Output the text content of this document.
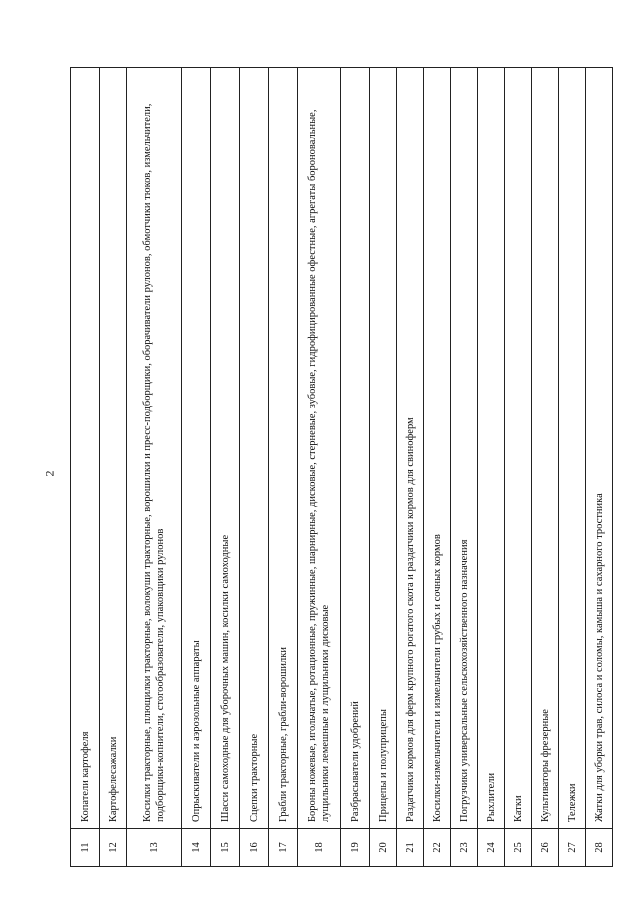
2
11	Копатели картофеля
12	Картофелесажалки
13	Косилки тракторные, плющилки тракторные, волокуши тракторные, ворошилки и пресс-подборщики, оборачиватели рулонов, обмотчики тюков, измельчители, подборщики-копнители, стогообразователи, упаковщики рулонов
14	Опрыскиватели и аэрозольные аппараты
15	Шасси самоходные для уборочных машин, косилки самоходные
16	Сцепки тракторные
17	Грабли тракторные, грабли-ворошилки
18	Бороны ножевые, игольчатые, ротационные, пружинные, шарнирные, дисковые, стерневые, зубовые, гидрофицированные офестные, агрегаты бороновальные, лущильники лемешные и лущильники дисковые
19	Разбрасыватели удобрений
20	Прицепы и полуприцепы
21	Раздатчики кормов для ферм крупного рогатого скота и раздатчики кормов для свиноферм
22	Косилки-измельчители и измельчители грубых и сочных кормов
23	Погрузчики универсальные сельскохозяйственного назначения
24	Рыхлители
25	Катки
26	Культиваторы фрезерные
27	Тележки
28	Жатки для уборки трав, силоса и соломы, камыша и сахарного тростника
